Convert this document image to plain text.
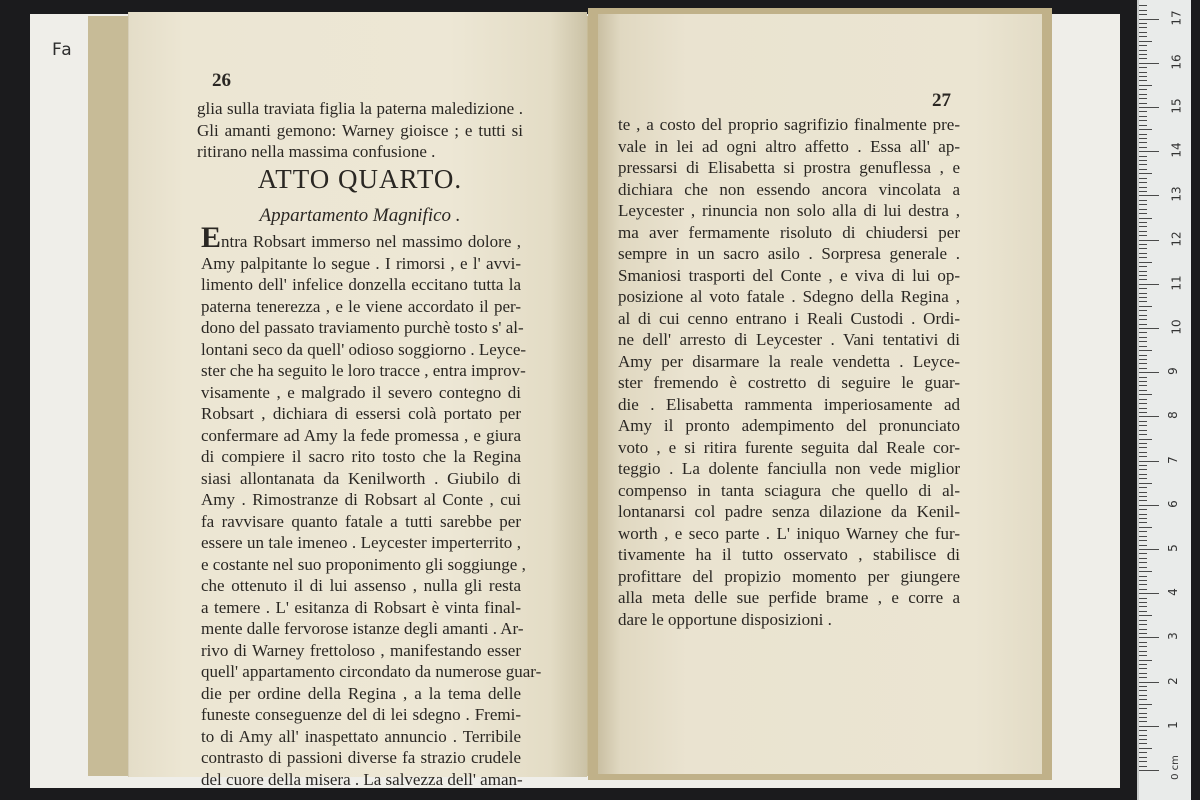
Fa
26
glia sulla traviata figlia la paterna maledizione .
Gli amanti gemono: Warney gioisce ; e tutti si
ritirano nella massima confusione .
ATTO QUARTO.
Appartamento Magnifico .
Entra Robsart immerso nel massimo dolore ,
Amy palpitante lo segue . I rimorsi , e l' avvi-
limento dell' infelice donzella eccitano tutta la
paterna tenerezza , e le viene accordato il per-
dono del passato traviamento purchè tosto s' al-
lontani seco da quell' odioso soggiorno . Leyce-
ster che ha seguito le loro tracce , entra improv-
visamente , e malgrado il severo contegno di
Robsart , dichiara di essersi colà portato per
confermare ad Amy la fede promessa , e giura
di compiere il sacro rito tosto che la Regina
siasi allontanata da Kenilworth . Giubilo di
Amy . Rimostranze di Robsart al Conte , cui
fa ravvisare quanto fatale a tutti sarebbe per
essere un tale imeneo . Leycester imperterrito ,
e costante nel suo proponimento gli soggiunge ,
che ottenuto il di lui assenso , nulla gli resta
a temere . L' esitanza di Robsart è vinta final-
mente dalle fervorose istanze degli amanti . Ar-
rivo di Warney frettoloso , manifestando esser
quell' appartamento circondato da numerose guar-
die per ordine della Regina , a la tema delle
funeste conseguenze del di lei sdegno . Fremi-
to di Amy all' inaspettato annuncio . Terribile
contrasto di passioni diverse fa strazio crudele
del cuore della misera . La salvezza dell' aman-
27
te , a costo del proprio sagrifizio finalmente pre-
vale in lei ad ogni altro affetto . Essa all' ap-
pressarsi di Elisabetta si prostra genuflessa , e
dichiara che non essendo ancora vincolata a
Leycester , rinuncia non solo alla di lui destra ,
ma aver fermamente risoluto di chiudersi per
sempre in un sacro asilo . Sorpresa generale .
Smaniosi trasporti del Conte , e viva di lui op-
posizione al voto fatale . Sdegno della Regina ,
al di cui cenno entrano i Reali Custodi . Ordi-
ne dell' arresto di Leycester . Vani tentativi di
Amy per disarmare la reale vendetta . Leyce-
ster fremendo è costretto di seguire le guar-
die . Elisabetta rammenta imperiosamente ad
Amy il pronto adempimento del pronunciato
voto , e si ritira furente seguita dal Reale cor-
teggio . La dolente fanciulla non vede miglior
compenso in tanta sciagura che quello di al-
lontanarsi col padre senza dilazione da Kenil-
worth , e seco parte . L' iniquo Warney che fur-
tivamente ha il tutto osservato , stabilisce di
profittare del propizio momento per giungere
alla meta delle sue perfide brame , e corre a
dare le opportune disposizioni .
0 cm
1
2
3
4
5
6
7
8
9
10
11
12
13
14
15
16
17
